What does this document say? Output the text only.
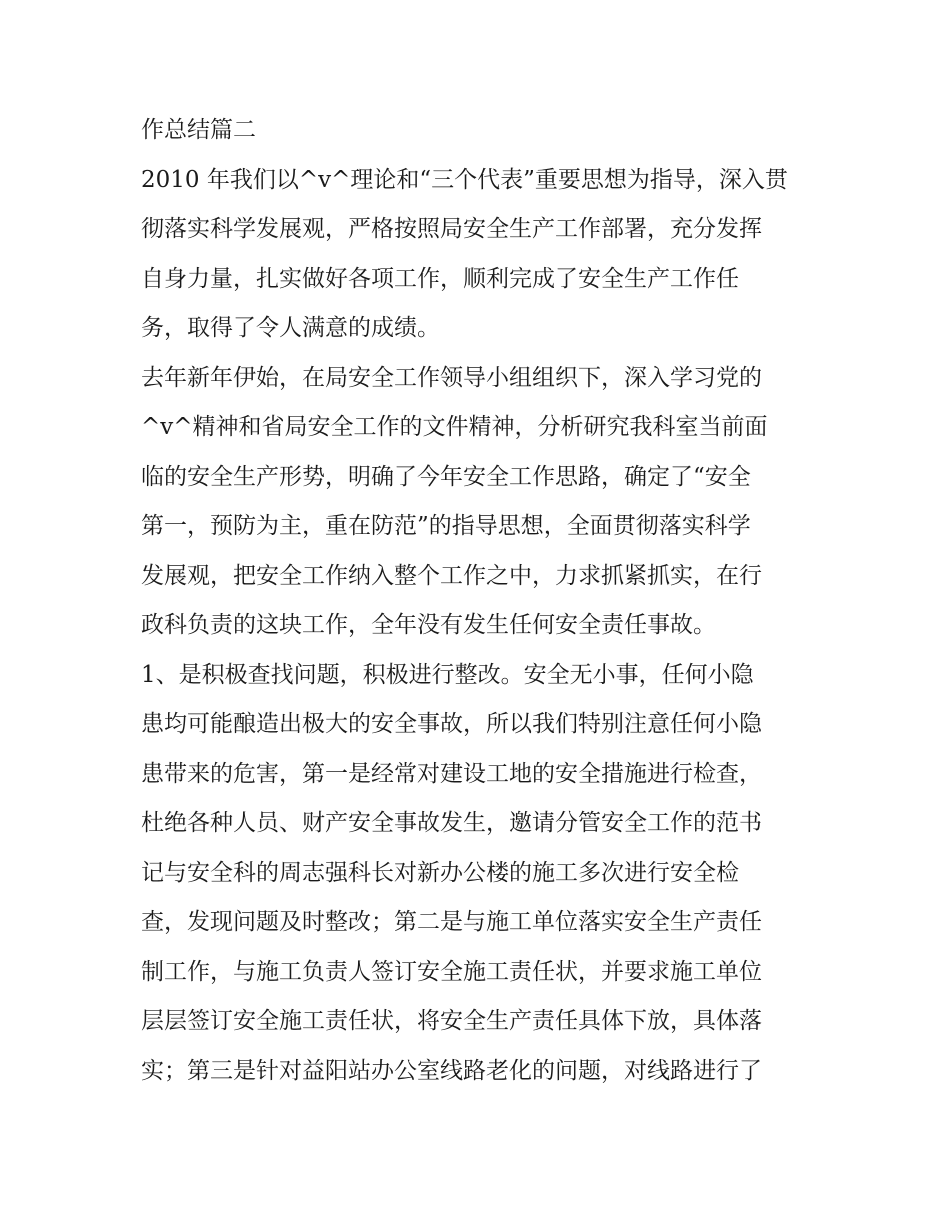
作总结篇二
2010 年我们以^v^理论和“三个代表”重要思想为指导，深入贯
彻落实科学发展观，严格按照局安全生产工作部署，充分发挥
自身力量，扎实做好各项工作，顺利完成了安全生产工作任
务，取得了令人满意的成绩。
去年新年伊始，在局安全工作领导小组组织下，深入学习党的
^v^精神和省局安全工作的文件精神，分析研究我科室当前面
临的安全生产形势，明确了今年安全工作思路，确定了“安全
第一，预防为主，重在防范”的指导思想，全面贯彻落实科学
发展观，把安全工作纳入整个工作之中，力求抓紧抓实，在行
政科负责的这块工作，全年没有发生任何安全责任事故。
1、是积极查找问题，积极进行整改。安全无小事，任何小隐
患均可能酿造出极大的安全事故，所以我们特别注意任何小隐
患带来的危害，第一是经常对建设工地的安全措施进行检查，
杜绝各种人员、财产安全事故发生，邀请分管安全工作的范书
记与安全科的周志强科长对新办公楼的施工多次进行安全检
查，发现问题及时整改；第二是与施工单位落实安全生产责任
制工作，与施工负责人签订安全施工责任状，并要求施工单位
层层签订安全施工责任状，将安全生产责任具体下放，具体落
实；第三是针对益阳站办公室线路老化的问题，对线路进行了
